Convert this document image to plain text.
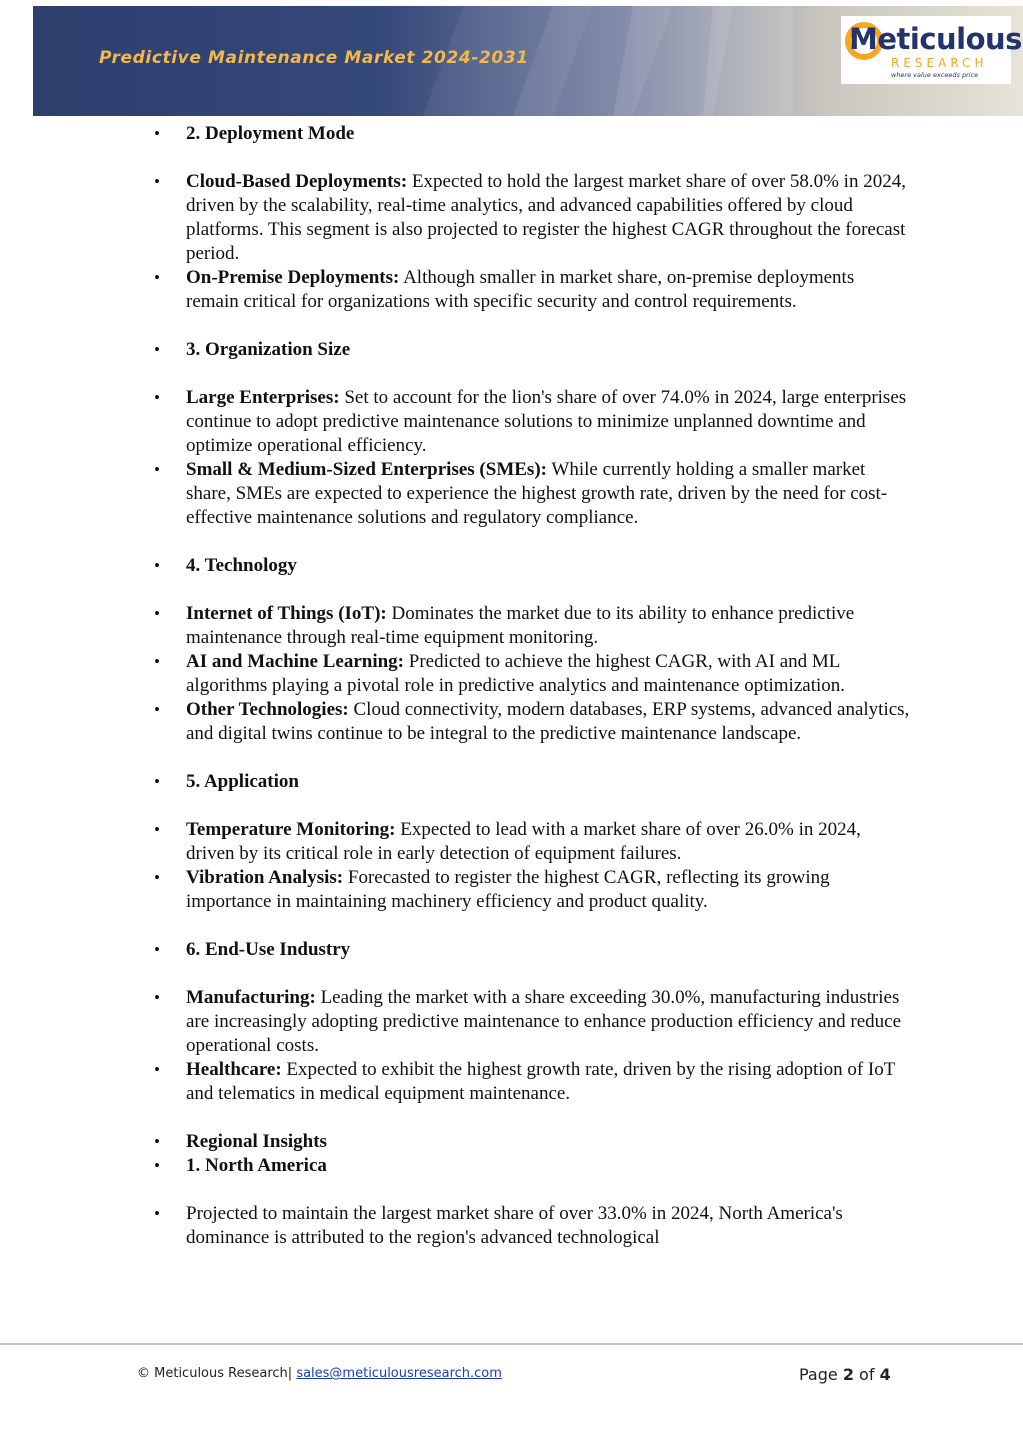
Predictive Maintenance Market 2024-2031
Meticulous
RESEARCH
where value exceeds price
• 2. Deployment Mode
• Cloud-Based Deployments: Expected to hold the largest market share of over 58.0% in 2024, driven by the scalability, real-time analytics, and advanced capabilities offered by cloud platforms. This segment is also projected to register the highest CAGR throughout the forecast period.
• On-Premise Deployments: Although smaller in market share, on-premise deployments remain critical for organizations with specific security and control requirements.
• 3. Organization Size
• Large Enterprises: Set to account for the lion's share of over 74.0% in 2024, large enterprises continue to adopt predictive maintenance solutions to minimize unplanned downtime and optimize operational efficiency.
• Small & Medium-Sized Enterprises (SMEs): While currently holding a smaller market share, SMEs are expected to experience the highest growth rate, driven by the need for cost-effective maintenance solutions and regulatory compliance.
• 4. Technology
• Internet of Things (IoT): Dominates the market due to its ability to enhance predictive maintenance through real-time equipment monitoring.
• AI and Machine Learning: Predicted to achieve the highest CAGR, with AI and ML algorithms playing a pivotal role in predictive analytics and maintenance optimization.
• Other Technologies: Cloud connectivity, modern databases, ERP systems, advanced analytics, and digital twins continue to be integral to the predictive maintenance landscape.
• 5. Application
• Temperature Monitoring: Expected to lead with a market share of over 26.0% in 2024, driven by its critical role in early detection of equipment failures.
• Vibration Analysis: Forecasted to register the highest CAGR, reflecting its growing importance in maintaining machinery efficiency and product quality.
• 6. End-Use Industry
• Manufacturing: Leading the market with a share exceeding 30.0%, manufacturing industries are increasingly adopting predictive maintenance to enhance production efficiency and reduce operational costs.
• Healthcare: Expected to exhibit the highest growth rate, driven by the rising adoption of IoT and telematics in medical equipment maintenance.
• Regional Insights
• 1. North America
• Projected to maintain the largest market share of over 33.0% in 2024, North America's dominance is attributed to the region's advanced technological
© Meticulous Research| sales@meticulousresearch.com	Page 2 of 4
